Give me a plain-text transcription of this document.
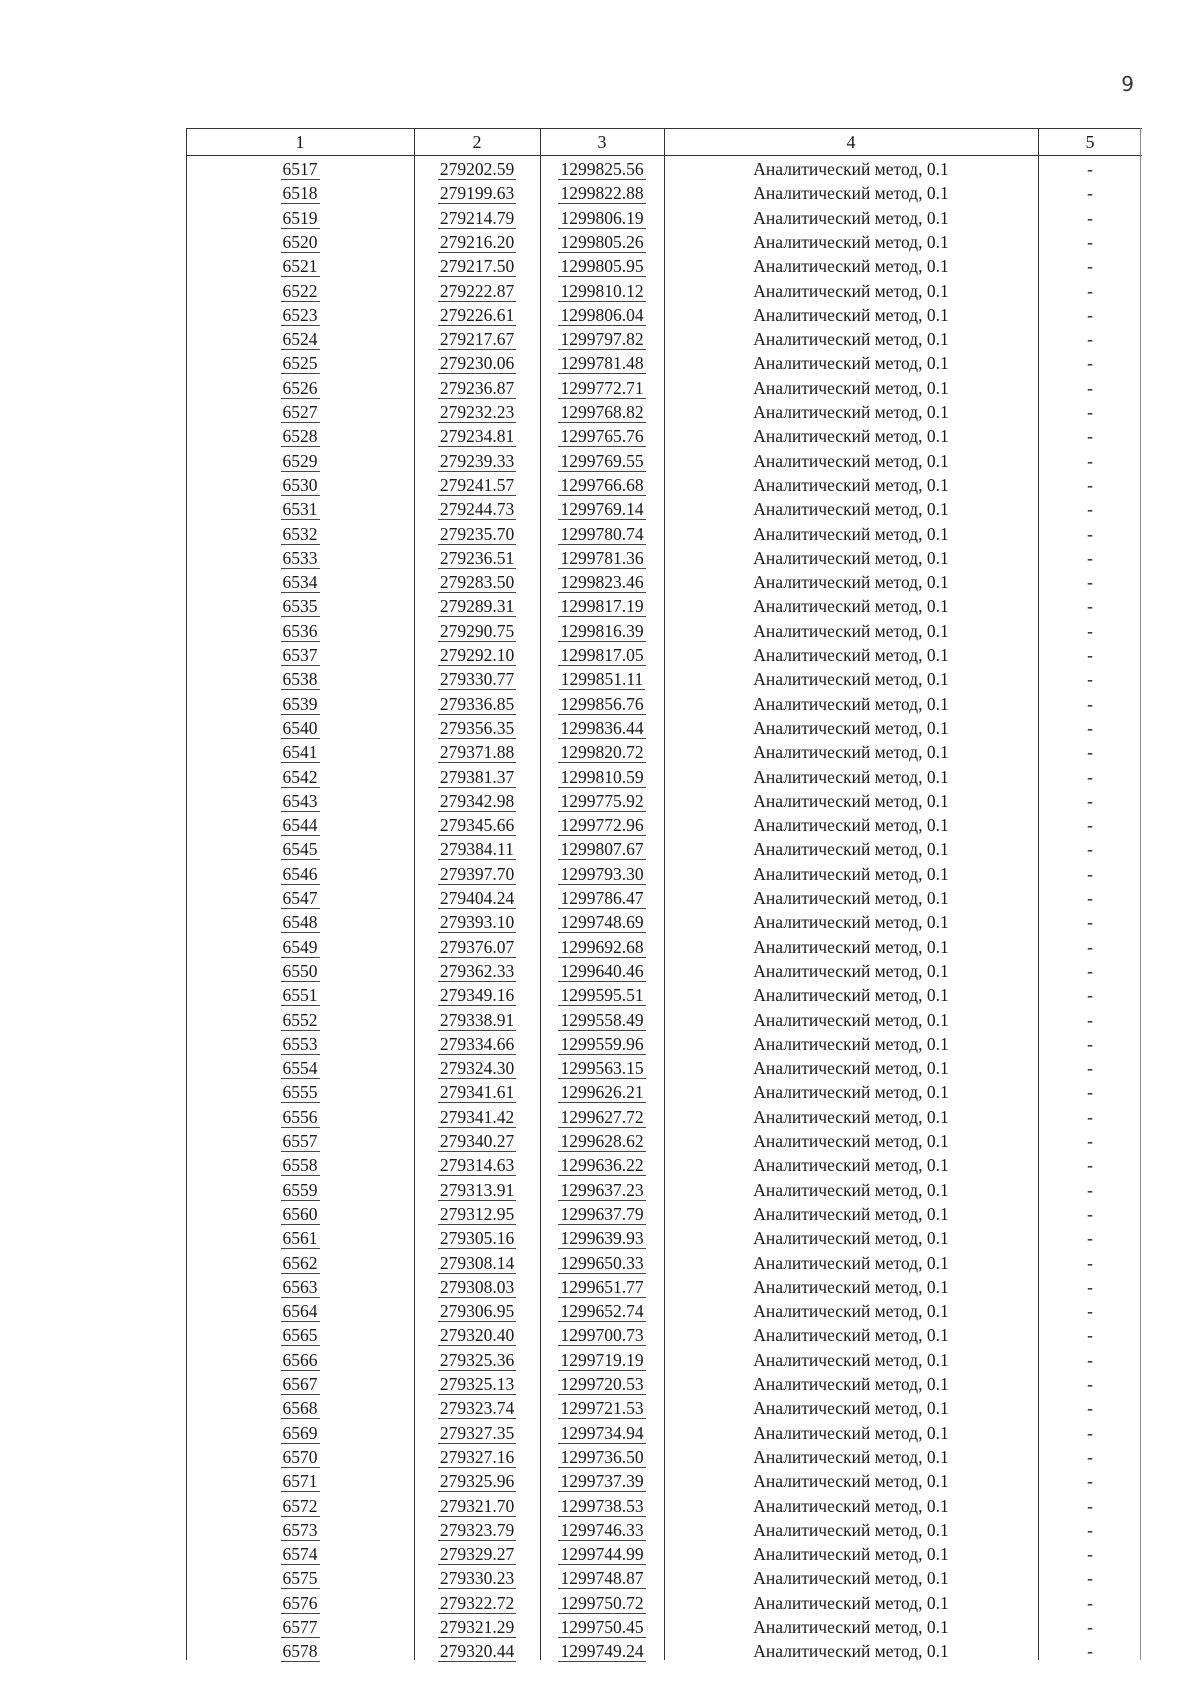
9
1	2	3	4	5
6517	279202.59	1299825.56	Аналитический метод, 0.1	-
6518	279199.63	1299822.88	Аналитический метод, 0.1	-
6519	279214.79	1299806.19	Аналитический метод, 0.1	-
6520	279216.20	1299805.26	Аналитический метод, 0.1	-
6521	279217.50	1299805.95	Аналитический метод, 0.1	-
6522	279222.87	1299810.12	Аналитический метод, 0.1	-
6523	279226.61	1299806.04	Аналитический метод, 0.1	-
6524	279217.67	1299797.82	Аналитический метод, 0.1	-
6525	279230.06	1299781.48	Аналитический метод, 0.1	-
6526	279236.87	1299772.71	Аналитический метод, 0.1	-
6527	279232.23	1299768.82	Аналитический метод, 0.1	-
6528	279234.81	1299765.76	Аналитический метод, 0.1	-
6529	279239.33	1299769.55	Аналитический метод, 0.1	-
6530	279241.57	1299766.68	Аналитический метод, 0.1	-
6531	279244.73	1299769.14	Аналитический метод, 0.1	-
6532	279235.70	1299780.74	Аналитический метод, 0.1	-
6533	279236.51	1299781.36	Аналитический метод, 0.1	-
6534	279283.50	1299823.46	Аналитический метод, 0.1	-
6535	279289.31	1299817.19	Аналитический метод, 0.1	-
6536	279290.75	1299816.39	Аналитический метод, 0.1	-
6537	279292.10	1299817.05	Аналитический метод, 0.1	-
6538	279330.77	1299851.11	Аналитический метод, 0.1	-
6539	279336.85	1299856.76	Аналитический метод, 0.1	-
6540	279356.35	1299836.44	Аналитический метод, 0.1	-
6541	279371.88	1299820.72	Аналитический метод, 0.1	-
6542	279381.37	1299810.59	Аналитический метод, 0.1	-
6543	279342.98	1299775.92	Аналитический метод, 0.1	-
6544	279345.66	1299772.96	Аналитический метод, 0.1	-
6545	279384.11	1299807.67	Аналитический метод, 0.1	-
6546	279397.70	1299793.30	Аналитический метод, 0.1	-
6547	279404.24	1299786.47	Аналитический метод, 0.1	-
6548	279393.10	1299748.69	Аналитический метод, 0.1	-
6549	279376.07	1299692.68	Аналитический метод, 0.1	-
6550	279362.33	1299640.46	Аналитический метод, 0.1	-
6551	279349.16	1299595.51	Аналитический метод, 0.1	-
6552	279338.91	1299558.49	Аналитический метод, 0.1	-
6553	279334.66	1299559.96	Аналитический метод, 0.1	-
6554	279324.30	1299563.15	Аналитический метод, 0.1	-
6555	279341.61	1299626.21	Аналитический метод, 0.1	-
6556	279341.42	1299627.72	Аналитический метод, 0.1	-
6557	279340.27	1299628.62	Аналитический метод, 0.1	-
6558	279314.63	1299636.22	Аналитический метод, 0.1	-
6559	279313.91	1299637.23	Аналитический метод, 0.1	-
6560	279312.95	1299637.79	Аналитический метод, 0.1	-
6561	279305.16	1299639.93	Аналитический метод, 0.1	-
6562	279308.14	1299650.33	Аналитический метод, 0.1	-
6563	279308.03	1299651.77	Аналитический метод, 0.1	-
6564	279306.95	1299652.74	Аналитический метод, 0.1	-
6565	279320.40	1299700.73	Аналитический метод, 0.1	-
6566	279325.36	1299719.19	Аналитический метод, 0.1	-
6567	279325.13	1299720.53	Аналитический метод, 0.1	-
6568	279323.74	1299721.53	Аналитический метод, 0.1	-
6569	279327.35	1299734.94	Аналитический метод, 0.1	-
6570	279327.16	1299736.50	Аналитический метод, 0.1	-
6571	279325.96	1299737.39	Аналитический метод, 0.1	-
6572	279321.70	1299738.53	Аналитический метод, 0.1	-
6573	279323.79	1299746.33	Аналитический метод, 0.1	-
6574	279329.27	1299744.99	Аналитический метод, 0.1	-
6575	279330.23	1299748.87	Аналитический метод, 0.1	-
6576	279322.72	1299750.72	Аналитический метод, 0.1	-
6577	279321.29	1299750.45	Аналитический метод, 0.1	-
6578	279320.44	1299749.24	Аналитический метод, 0.1	-
